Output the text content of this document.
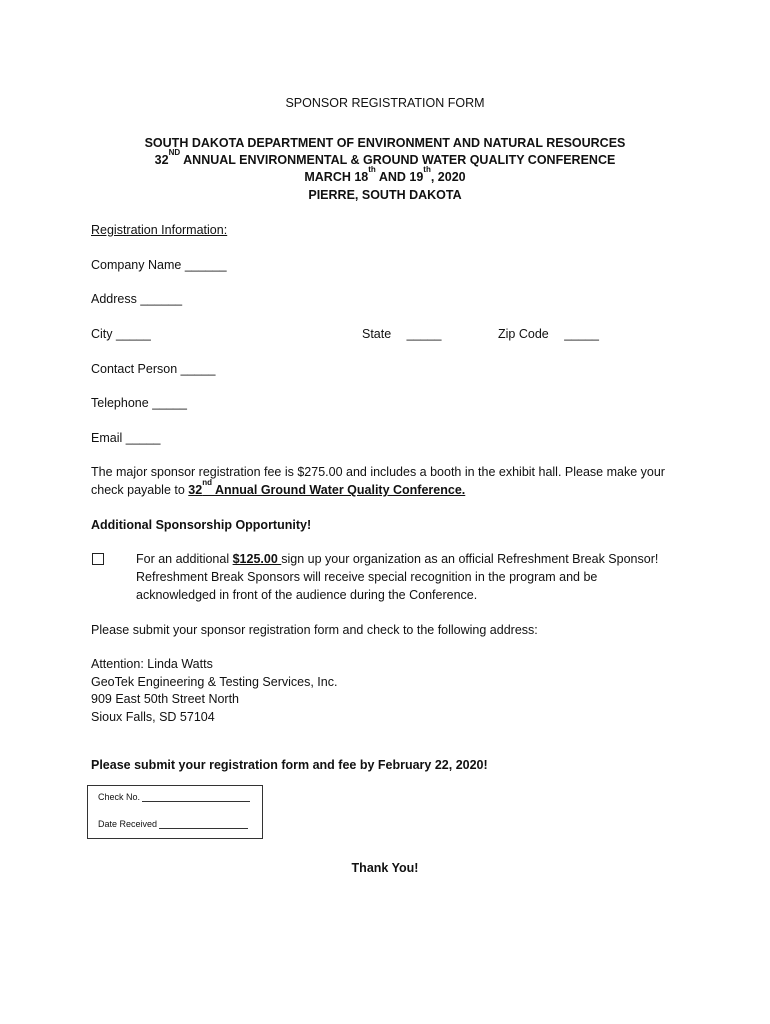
SPONSOR REGISTRATION FORM
SOUTH DAKOTA DEPARTMENT OF ENVIRONMENT AND NATURAL RESOURCES
32ND ANNUAL ENVIRONMENTAL & GROUND WATER QUALITY CONFERENCE
MARCH 18th AND 19th, 2020
PIERRE, SOUTH DAKOTA
Registration Information:
Company Name ______
Address ______
City _____	State _____	Zip Code _____
Contact Person _____
Telephone _____
Email _____
The major sponsor registration fee is $275.00 and includes a booth in the exhibit hall. Please make your
check payable to 32nd Annual Ground Water Quality Conference.
Additional Sponsorship Opportunity!
For an additional $125.00 sign up your organization as an official Refreshment Break Sponsor!
Refreshment Break Sponsors will receive special recognition in the program and be
acknowledged in front of the audience during the Conference.
Please submit your sponsor registration form and check to the following address:
Attention: Linda Watts
GeoTek Engineering & Testing Services, Inc.
909 East 50th Street North
Sioux Falls, SD 57104
Please submit your registration form and fee by February 22, 2020!
Check No.
Date Received
Thank You!
